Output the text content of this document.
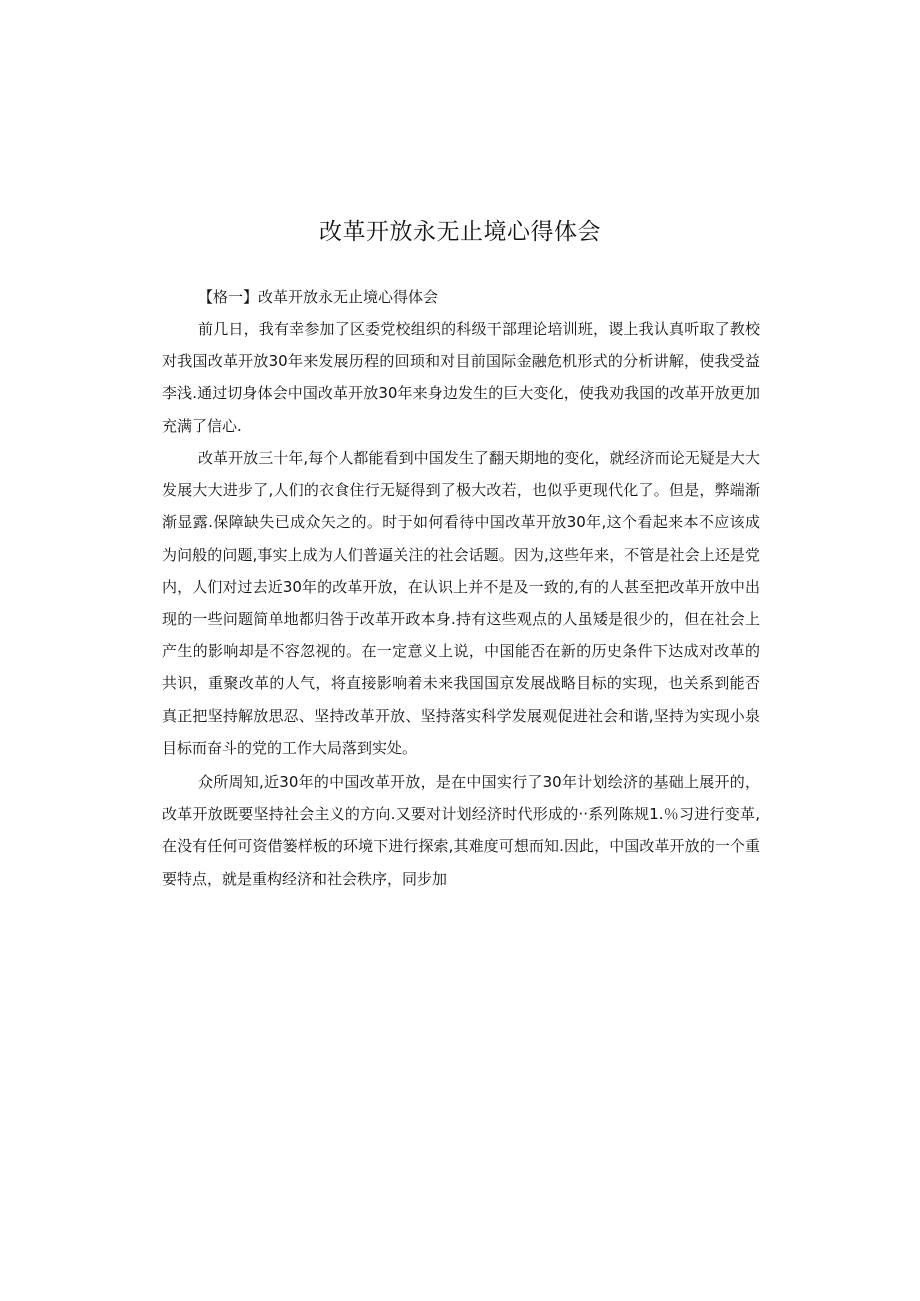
改革开放永无止境心得体会

【格一】改革开放永无止境心得体会

前几日，我有幸参加了区委党校组织的科级干部理论培训班，谡上我认真听取了教校对我国改革开放30年来发展历程的回顼和对目前国际金融危机形式的分析讲解，使我受益李浅.通过切身体会中国改革开放30年来身边发生的巨大变化，使我劝我国的改革开放更加充满了信心.

改革开放三十年,每个人都能看到中国发生了翻天期地的变化，就经济而论无疑是大大发展大大进步了,人们的衣食住行无疑得到了极大改若，也似乎更现代化了。但是，弊端渐渐显露.保障缺失已成众矢之的。时于如何看待中国改革开放30年,这个看起来本不应该成为问般的问题,事实上成为人们普逼关注的社会话题。因为,这些年来，不管是社会上还是党内，人们对过去近30年的改革开放，在认识上并不是及一致的,有的人甚至把改革开放中出现的一些问题简单地都归咎于改革开政本身.持有这些观点的人虽矮是很少的，但在社会上产生的影响却是不容忽视的。在一定意义上说，中国能否在新的历史条件下达成对改革的共识，重聚改革的人气，将直接影响着未来我国国京发展战略目标的实现，也关系到能否真正把坚持解放思忍、坚持改革开放、坚持落实科学发展观促进社会和谐,坚持为实现小泉目标而奋斗的党的工作大局落到实处。

众所周知,近30年的中国改革开放，是在中国实行了30年计划绘济的基础上展开的，改革开放既要坚持社会主义的方向.又要对计划经济时代形成的··系列陈规1.％习进行变革,在没有任何可资借篓样板的环境下进行探索,其难度可想而知.因此，中国改革开放的一个重要特点，就是重构经济和社会秩序，同步加
